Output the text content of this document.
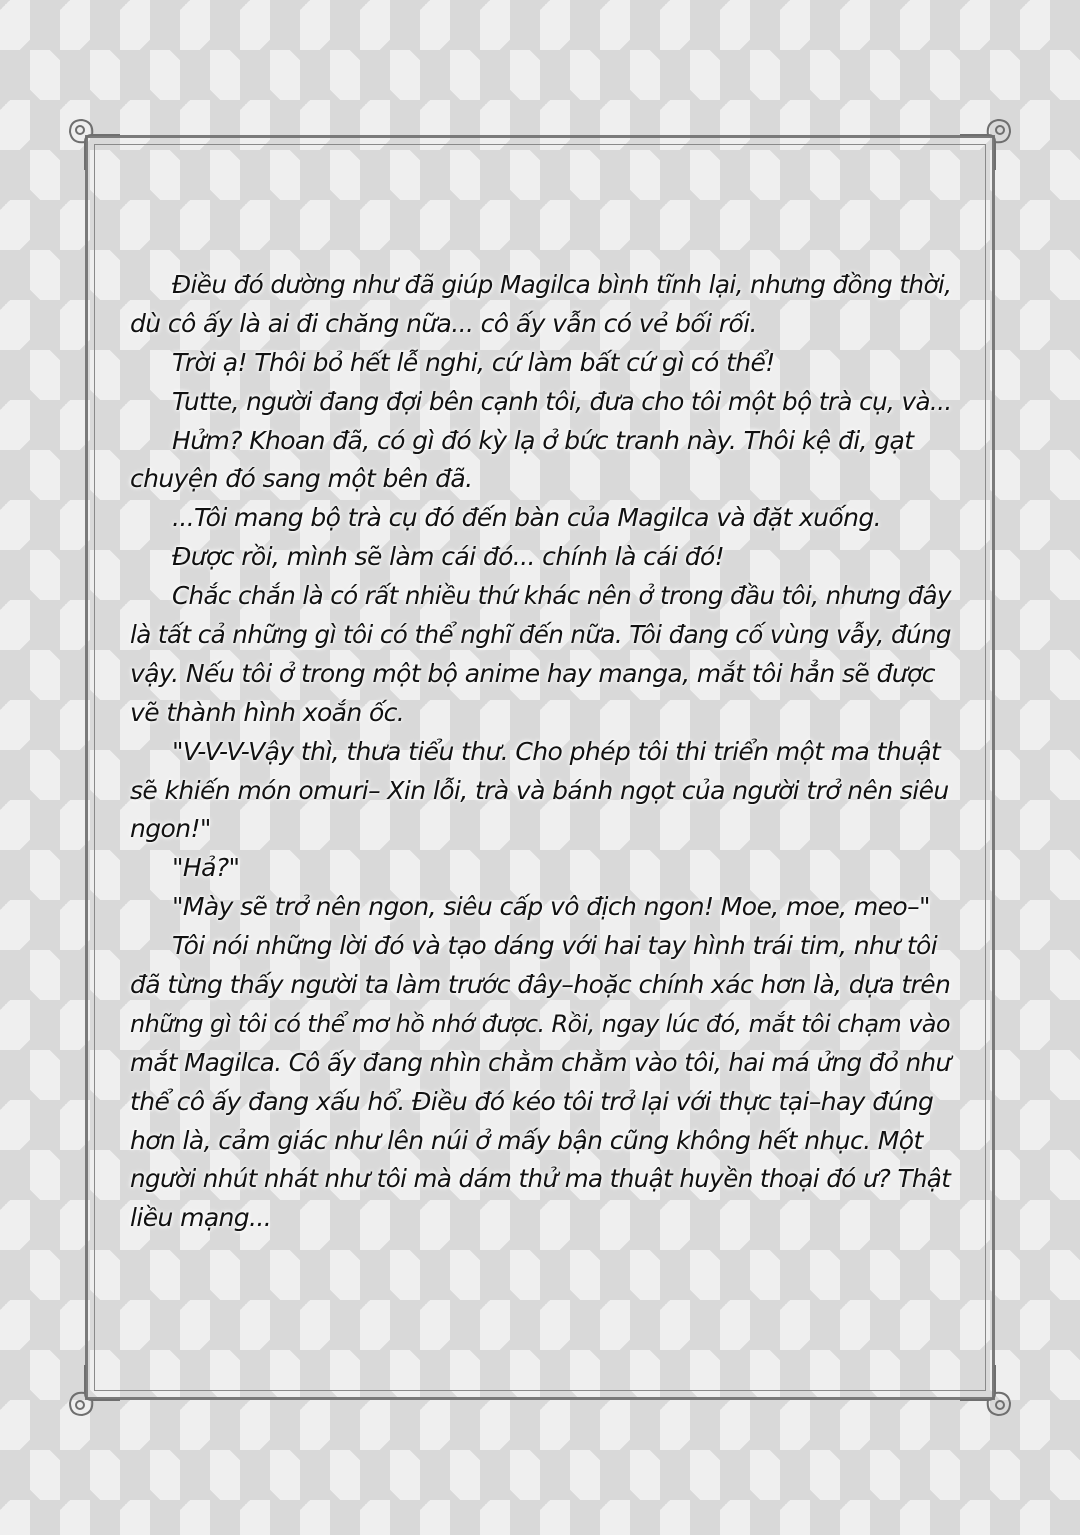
Điều đó dường như đã giúp Magilca bình tĩnh lại, nhưng đồng thời,
dù cô ấy là ai đi chăng nữa... cô ấy vẫn có vẻ bối rối.
Trời ạ! Thôi bỏ hết lễ nghi, cứ làm bất cứ gì có thể!
Tutte, người đang đợi bên cạnh tôi, đưa cho tôi một bộ trà cụ, và...
Hửm? Khoan đã, có gì đó kỳ lạ ở bức tranh này. Thôi kệ đi, gạt
chuyện đó sang một bên đã.
...Tôi mang bộ trà cụ đó đến bàn của Magilca và đặt xuống.
Được rồi, mình sẽ làm cái đó... chính là cái đó!
Chắc chắn là có rất nhiều thứ khác nên ở trong đầu tôi, nhưng đây
là tất cả những gì tôi có thể nghĩ đến nữa. Tôi đang cố vùng vẫy, đúng
vậy. Nếu tôi ở trong một bộ anime hay manga, mắt tôi hẳn sẽ được
vẽ thành hình xoắn ốc.
"V-V-V-Vậy thì, thưa tiểu thư. Cho phép tôi thi triển một ma thuật
sẽ khiến món omuri– Xin lỗi, trà và bánh ngọt của người trở nên siêu
ngon!"
"Hả?"
"Mày sẽ trở nên ngon, siêu cấp vô địch ngon! Moe, moe, meo–"
Tôi nói những lời đó và tạo dáng với hai tay hình trái tim, như tôi
đã từng thấy người ta làm trước đây–hoặc chính xác hơn là, dựa trên
những gì tôi có thể mơ hồ nhớ được. Rồi, ngay lúc đó, mắt tôi chạm vào
mắt Magilca. Cô ấy đang nhìn chằm chằm vào tôi, hai má ửng đỏ như
thể cô ấy đang xấu hổ. Điều đó kéo tôi trở lại với thực tại–hay đúng
hơn là, cảm giác như lên núi ở mấy bận cũng không hết nhục. Một
người nhút nhát như tôi mà dám thử ma thuật huyền thoại đó ư? Thật
liều mạng...
